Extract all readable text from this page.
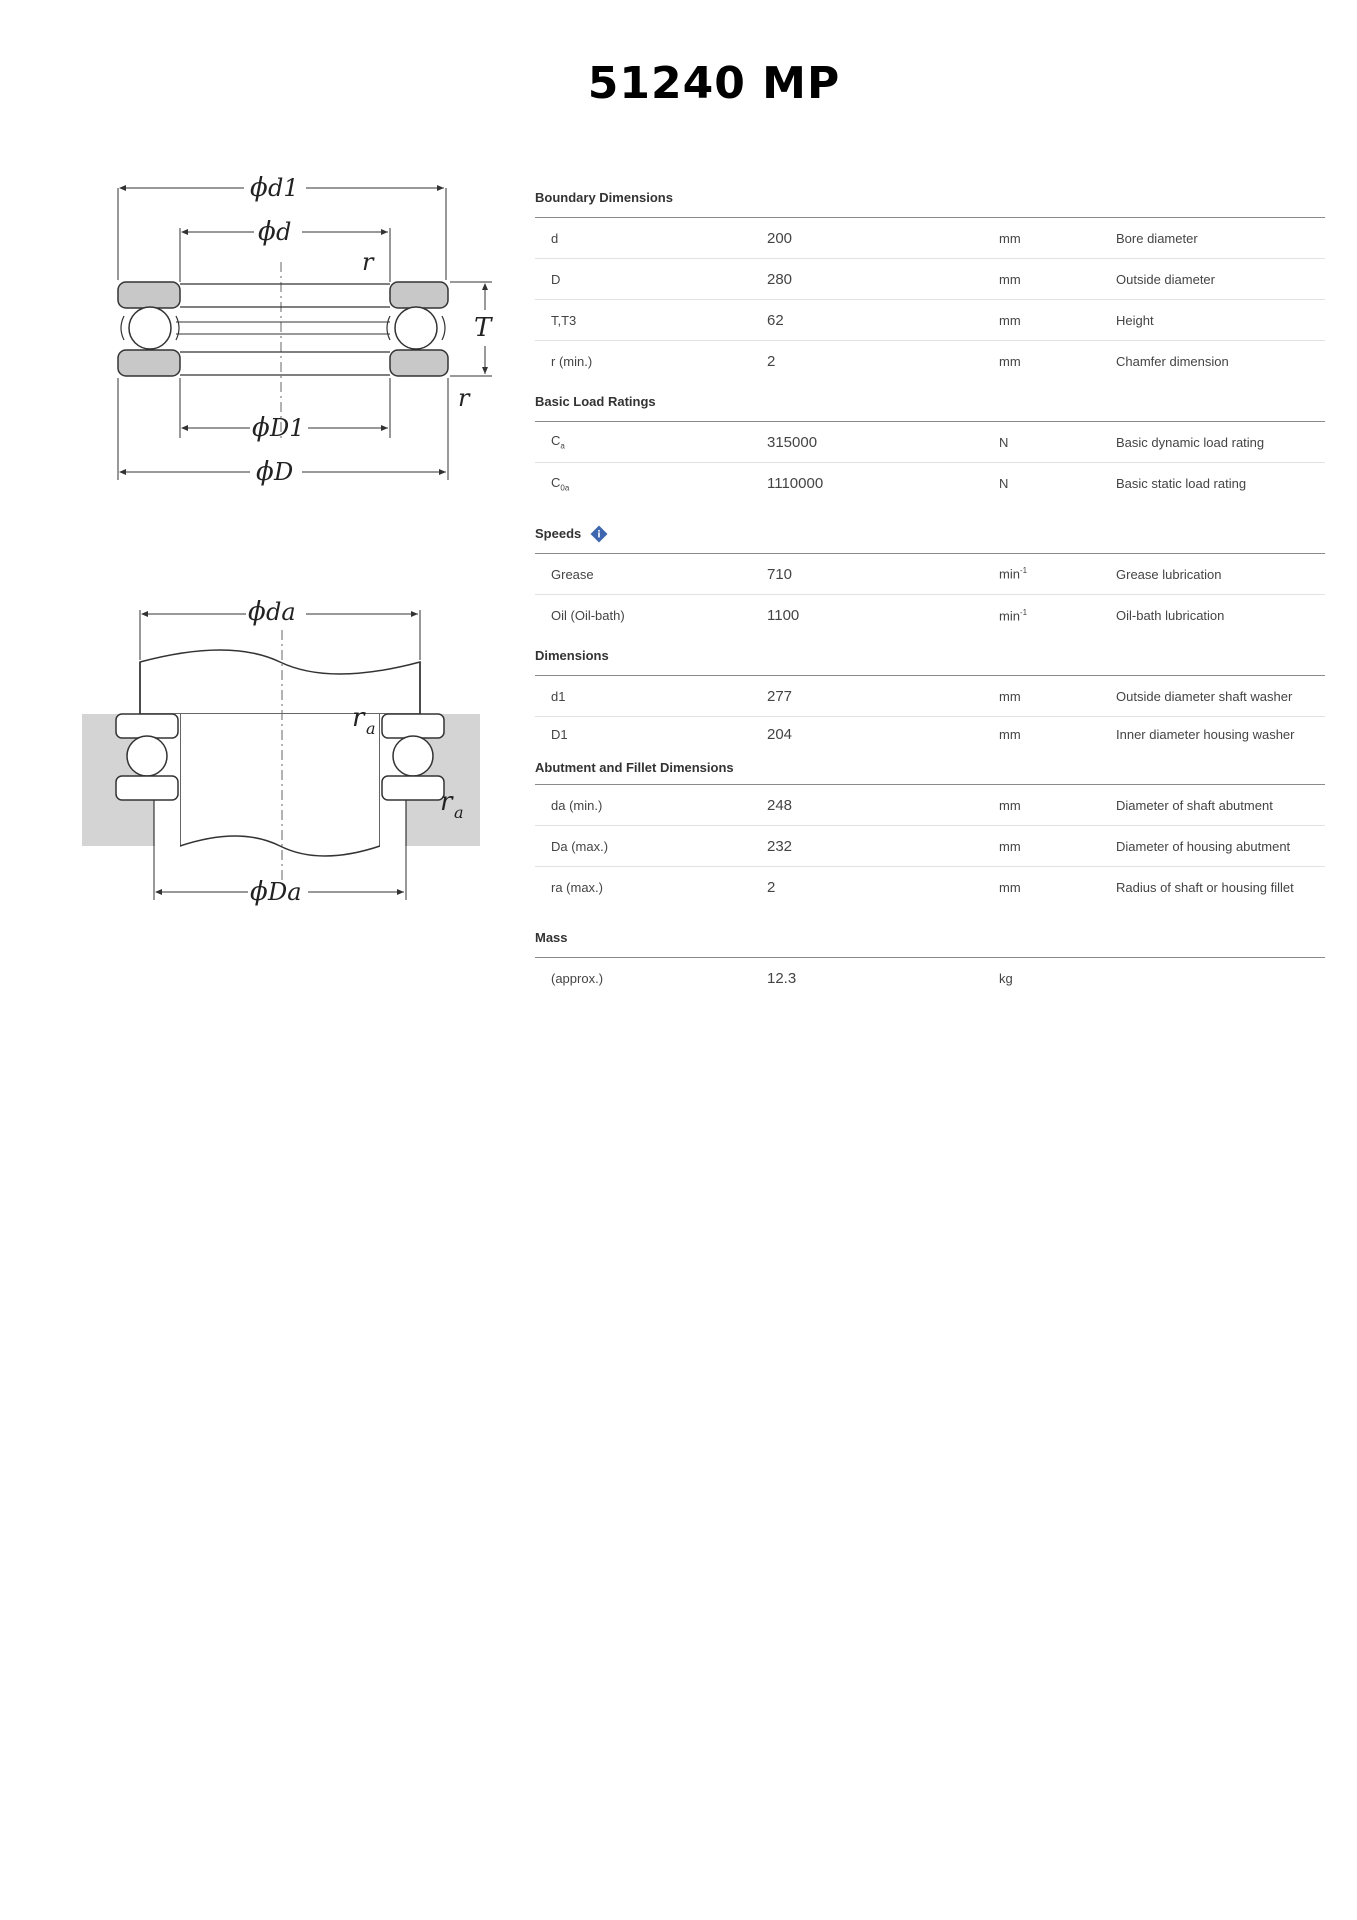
51240 MP
ϕ d1
ϕ d
r
T
r
ϕ D1
ϕ D
ϕ da
r a
r a
ϕ Da
Boundary Dimensions
d	200	mm	Bore diameter
D	280	mm	Outside diameter
T,T3	62	mm	Height
r (min.)	2	mm	Chamfer dimension
Basic Load Ratings
$C_a$	315000	N	Basic dynamic load rating
$C_{0a}$	1110000	N	Basic static load rating
Speeds
Grease	710	$\min^{-1}$	Grease lubrication
Oil (Oil-bath)	1100	$\min^{-1}$	Oil-bath lubrication
Dimensions
d1	277	mm	Outside diameter shaft washer
D1	204	mm	Inner diameter housing washer
Abutment and Fillet Dimensions
da (min.)	248	mm	Diameter of shaft abutment
Da (max.)	232	mm	Diameter of housing abutment
ra (max.)	2	mm	Radius of shaft or housing fillet
Mass
(approx.)	12.3	kg
